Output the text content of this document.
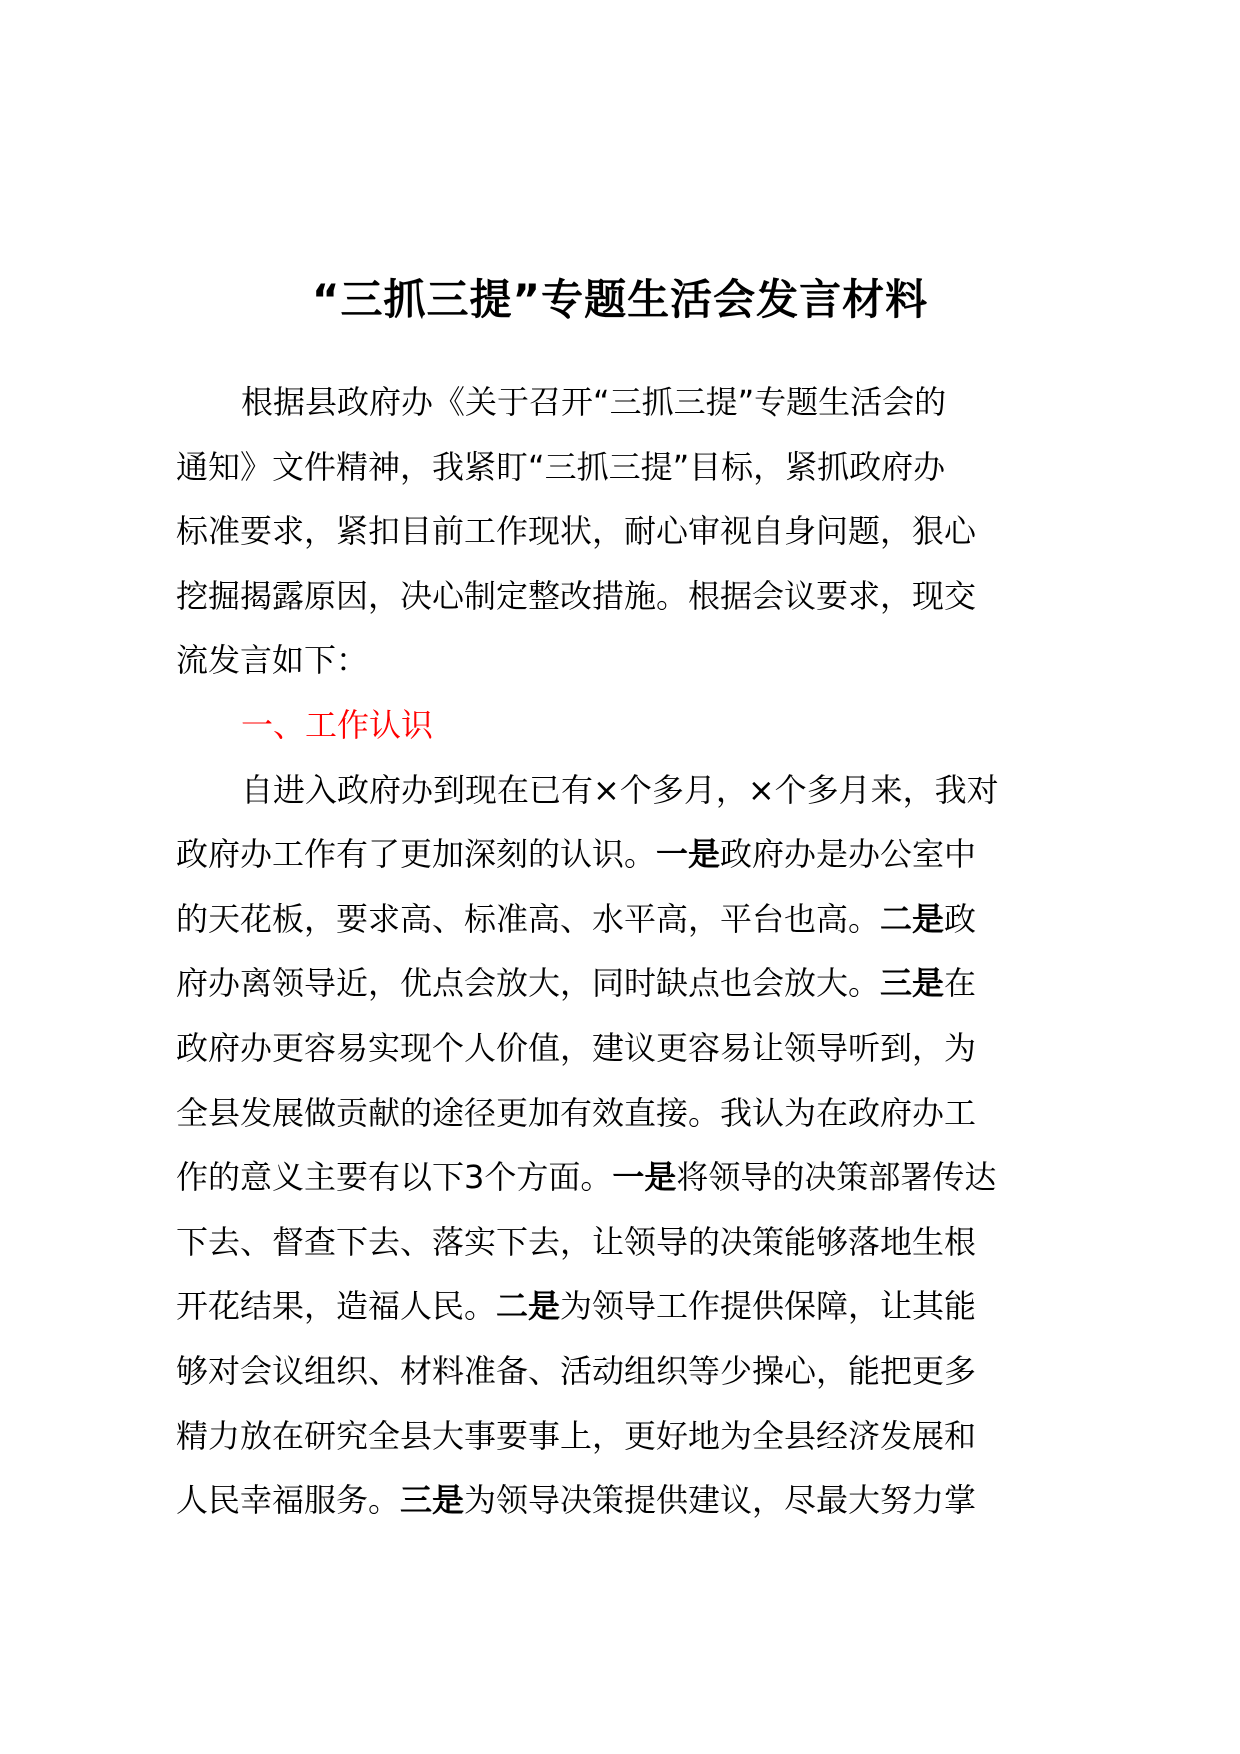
“三抓三提”专题生活会发言材料
根据县政府办《关于召开“三抓三提”专题生活会的
通知》文件精神，我紧盯“三抓三提”目标，紧抓政府办
标准要求，紧扣目前工作现状，耐心审视自身问题，狠心
挖掘揭露原因，决心制定整改措施。根据会议要求，现交
流发言如下：
一、工作认识
自进入政府办到现在已有×个多月，×个多月来，我对
政府办工作有了更加深刻的认识。一是政府办是办公室中
的天花板，要求高、标准高、水平高，平台也高。二是政
府办离领导近，优点会放大，同时缺点也会放大。三是在
政府办更容易实现个人价值，建议更容易让领导听到，为
全县发展做贡献的途径更加有效直接。我认为在政府办工
作的意义主要有以下3个方面。一是将领导的决策部署传达
下去、督查下去、落实下去，让领导的决策能够落地生根
开花结果，造福人民。二是为领导工作提供保障，让其能
够对会议组织、材料准备、活动组织等少操心，能把更多
精力放在研究全县大事要事上，更好地为全县经济发展和
人民幸福服务。三是为领导决策提供建议，尽最大努力掌
